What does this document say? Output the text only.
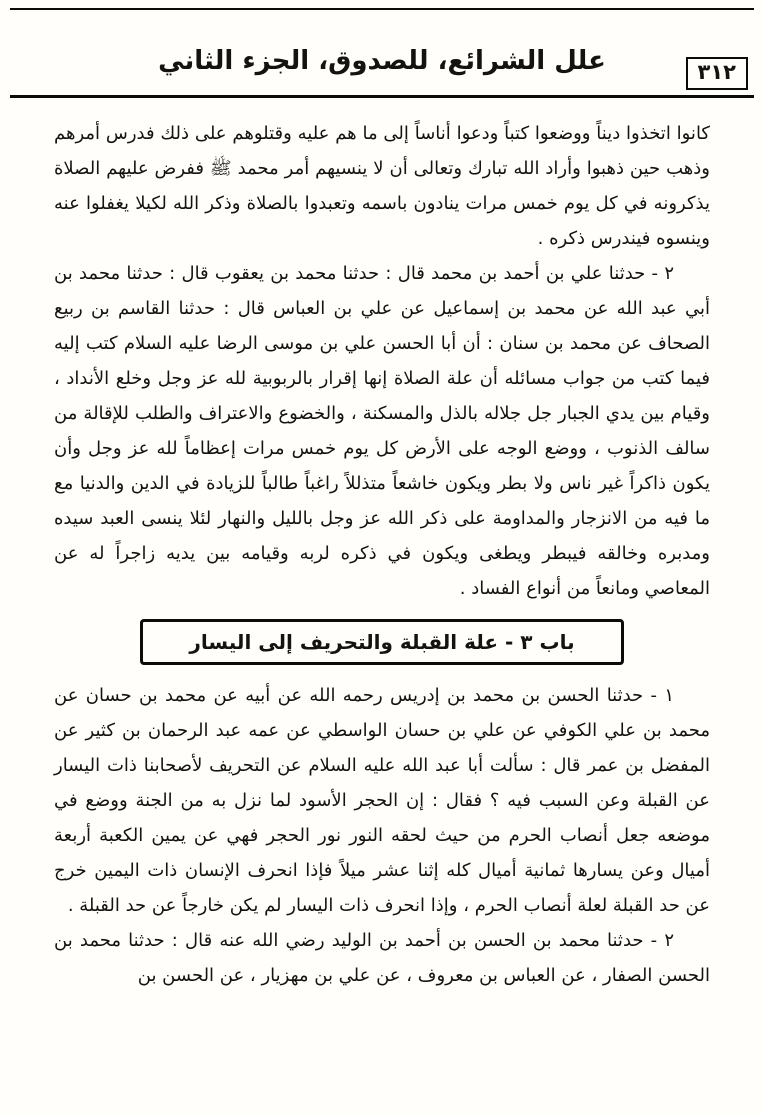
علل الشرائع، للصدوق، الجزء الثاني	٣١٢

كانوا اتخذوا ديناً ووضعوا كتباً ودعوا أناساً إلى ما هم عليه وقتلوهم على ذلك فدرس أمرهم وذهب حين ذهبوا وأراد الله تبارك وتعالى أن لا ينسيهم أمر محمد ﷺ ففرض عليهم الصلاة يذكرونه في كل يوم خمس مرات ينادون باسمه وتعبدوا بالصلاة وذكر الله لكيلا يغفلوا عنه وينسوه فيندرس ذكره .

٢ - حدثنا علي بن أحمد بن محمد قال : حدثنا محمد بن يعقوب قال : حدثنا محمد بن أبي عبد الله عن محمد بن إسماعيل عن علي بن العباس قال : حدثنا القاسم بن ربيع الصحاف عن محمد بن سنان : أن أبا الحسن علي بن موسى الرضا عليه السلام كتب إليه فيما كتب من جواب مسائله أن علة الصلاة إنها إقرار بالربوبية لله عز وجل وخلع الأنداد ، وقيام بين يدي الجبار جل جلاله بالذل والمسكنة ، والخضوع والاعتراف والطلب للإقالة من سالف الذنوب ، ووضع الوجه على الأرض كل يوم خمس مرات إعظاماً لله عز وجل وأن يكون ذاكراً غير ناس ولا بطر ويكون خاشعاً متذللاً راغباً طالباً للزيادة في الدين والدنيا مع ما فيه من الانزجار والمداومة على ذكر الله عز وجل بالليل والنهار لئلا ينسى العبد سيده ومدبره وخالقه فيبطر ويطغى ويكون في ذكره لربه وقيامه بين يديه زاجراً له عن المعاصي ومانعاً من أنواع الفساد .

باب ٣ - علة القبلة والتحريف إلى اليسار

١ - حدثنا الحسن بن محمد بن إدريس رحمه الله عن أبيه عن محمد بن حسان عن محمد بن علي الكوفي عن علي بن حسان الواسطي عن عمه عبد الرحمان بن كثير عن المفضل بن عمر قال : سألت أبا عبد الله عليه السلام عن التحريف لأصحابنا ذات اليسار عن القبلة وعن السبب فيه ؟ فقال : إن الحجر الأسود لما نزل به من الجنة ووضع في موضعه جعل أنصاب الحرم من حيث لحقه النور نور الحجر فهي عن يمين الكعبة أربعة أميال وعن يسارها ثمانية أميال كله إثنا عشر ميلاً فإذا انحرف الإنسان ذات اليمين خرج عن حد القبلة لعلة أنصاب الحرم ، وإذا انحرف ذات اليسار لم يكن خارجاً عن حد القبلة .

٢ - حدثنا محمد بن الحسن بن أحمد بن الوليد رضي الله عنه قال : حدثنا محمد بن الحسن الصفار ، عن العباس بن معروف ، عن علي بن مهزيار ، عن الحسن بن
